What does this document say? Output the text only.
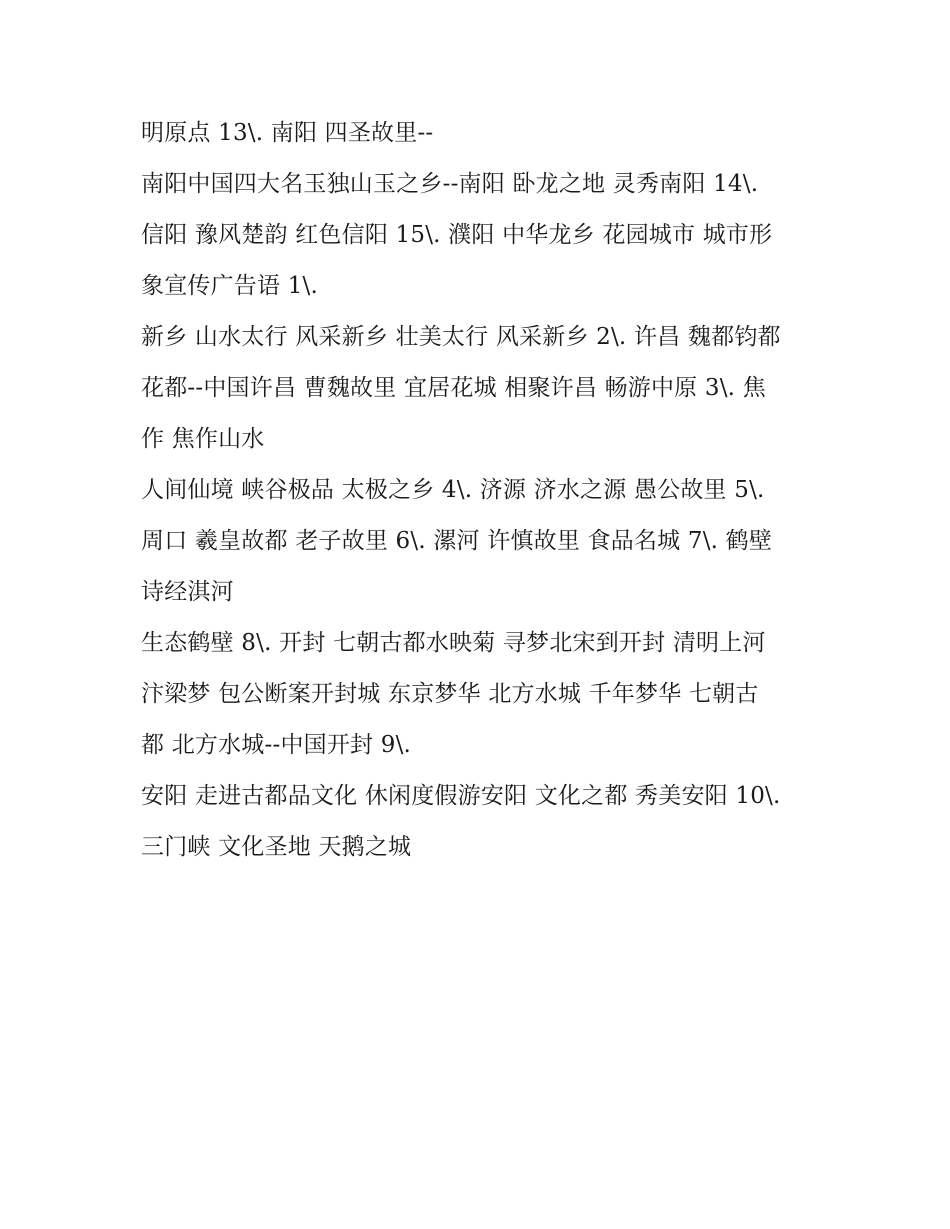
明原点 13\. 南阳 四圣故里--
南阳中国四大名玉独山玉之乡--南阳 卧龙之地 灵秀南阳 14\.
信阳 豫风楚韵 红色信阳 15\. 濮阳 中华龙乡 花园城市 城市形
象宣传广告语 1\.
新乡 山水太行 风采新乡 壮美太行 风采新乡 2\. 许昌 魏都钧都
花都--中国许昌 曹魏故里 宜居花城 相聚许昌 畅游中原 3\. 焦
作 焦作山水
人间仙境 峡谷极品 太极之乡 4\. 济源 济水之源 愚公故里 5\.
周口 羲皇故都 老子故里 6\. 漯河 许慎故里 食品名城 7\. 鹤壁
诗经淇河
生态鹤壁 8\. 开封 七朝古都水映菊 寻梦北宋到开封 清明上河
汴梁梦 包公断案开封城 东京梦华 北方水城 千年梦华 七朝古
都 北方水城--中国开封 9\.
安阳 走进古都品文化 休闲度假游安阳 文化之都 秀美安阳 10\.
三门峡 文化圣地 天鹅之城
